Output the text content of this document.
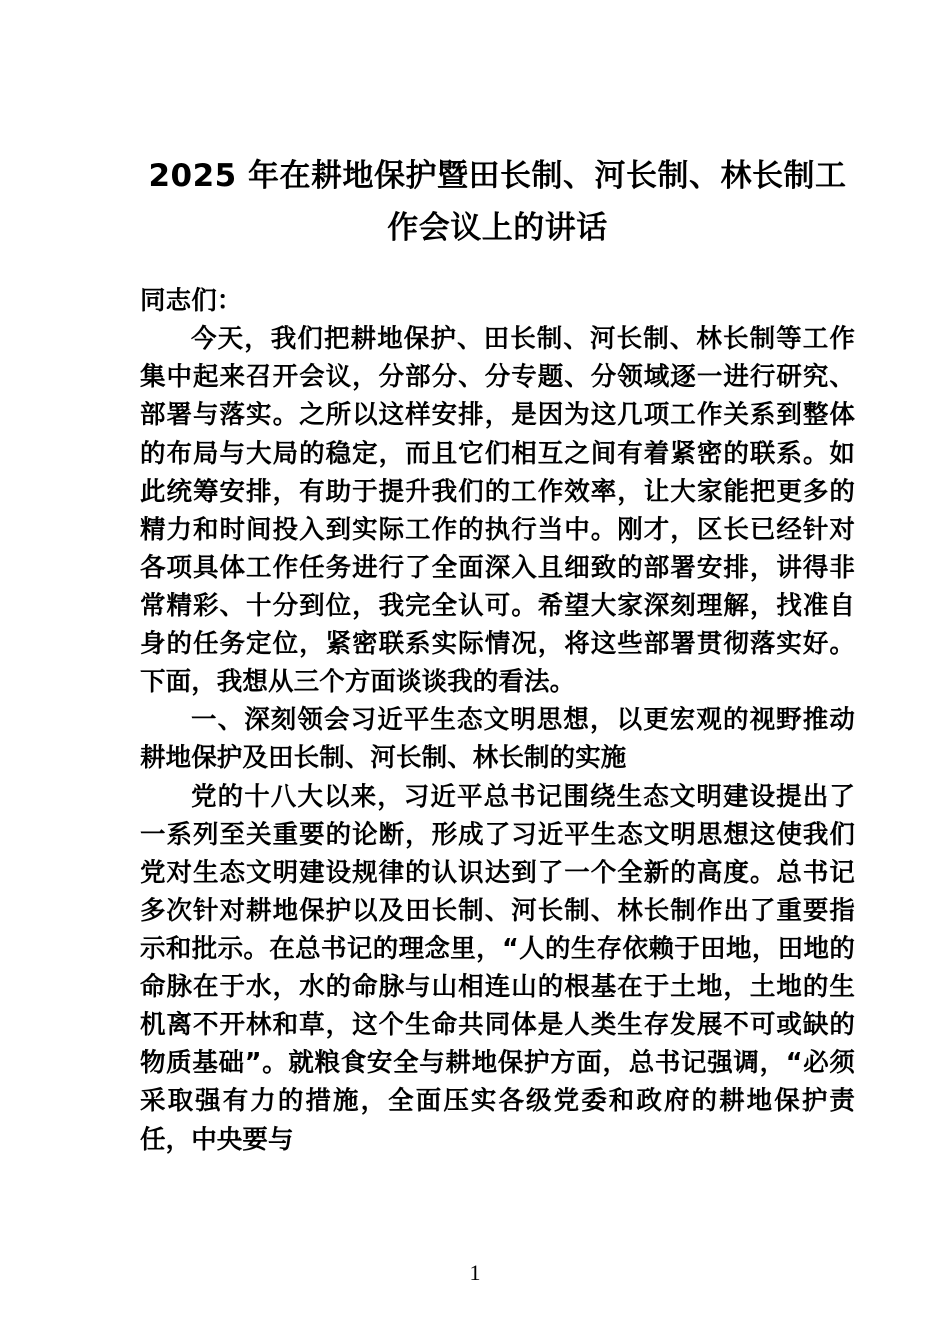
2025 年在耕地保护暨田长制、河长制、林长制工作会议上的讲话

同志们：

今天，我们把耕地保护、田长制、河长制、林长制等工作集中起来召开会议，分部分、分专题、分领域逐一进行研究、部署与落实。之所以这样安排，是因为这几项工作关系到整体的布局与大局的稳定，而且它们相互之间有着紧密的联系。如此统筹安排，有助于提升我们的工作效率，让大家能把更多的精力和时间投入到实际工作的执行当中。刚才，区长已经针对各项具体工作任务进行了全面深入且细致的部署安排，讲得非常精彩、十分到位，我完全认可。希望大家深刻理解，找准自身的任务定位，紧密联系实际情况，将这些部署贯彻落实好。下面，我想从三个方面谈谈我的看法。

一、深刻领会习近平生态文明思想，以更宏观的视野推动耕地保护及田长制、河长制、林长制的实施

党的十八大以来，习近平总书记围绕生态文明建设提出了一系列至关重要的论断，形成了习近平生态文明思想这使我们党对生态文明建设规律的认识达到了一个全新的高度。总书记多次针对耕地保护以及田长制、河长制、林长制作出了重要指示和批示。在总书记的理念里，“人的生存依赖于田地，田地的命脉在于水，水的命脉与山相连山的根基在于土地，土地的生机离不开林和草，这个生命共同体是人类生存发展不可或缺的物质基础”。就粮食安全与耕地保护方面，总书记强调，“必须采取强有力的措施，全面压实各级党委和政府的耕地保护责任，中央要与

1
